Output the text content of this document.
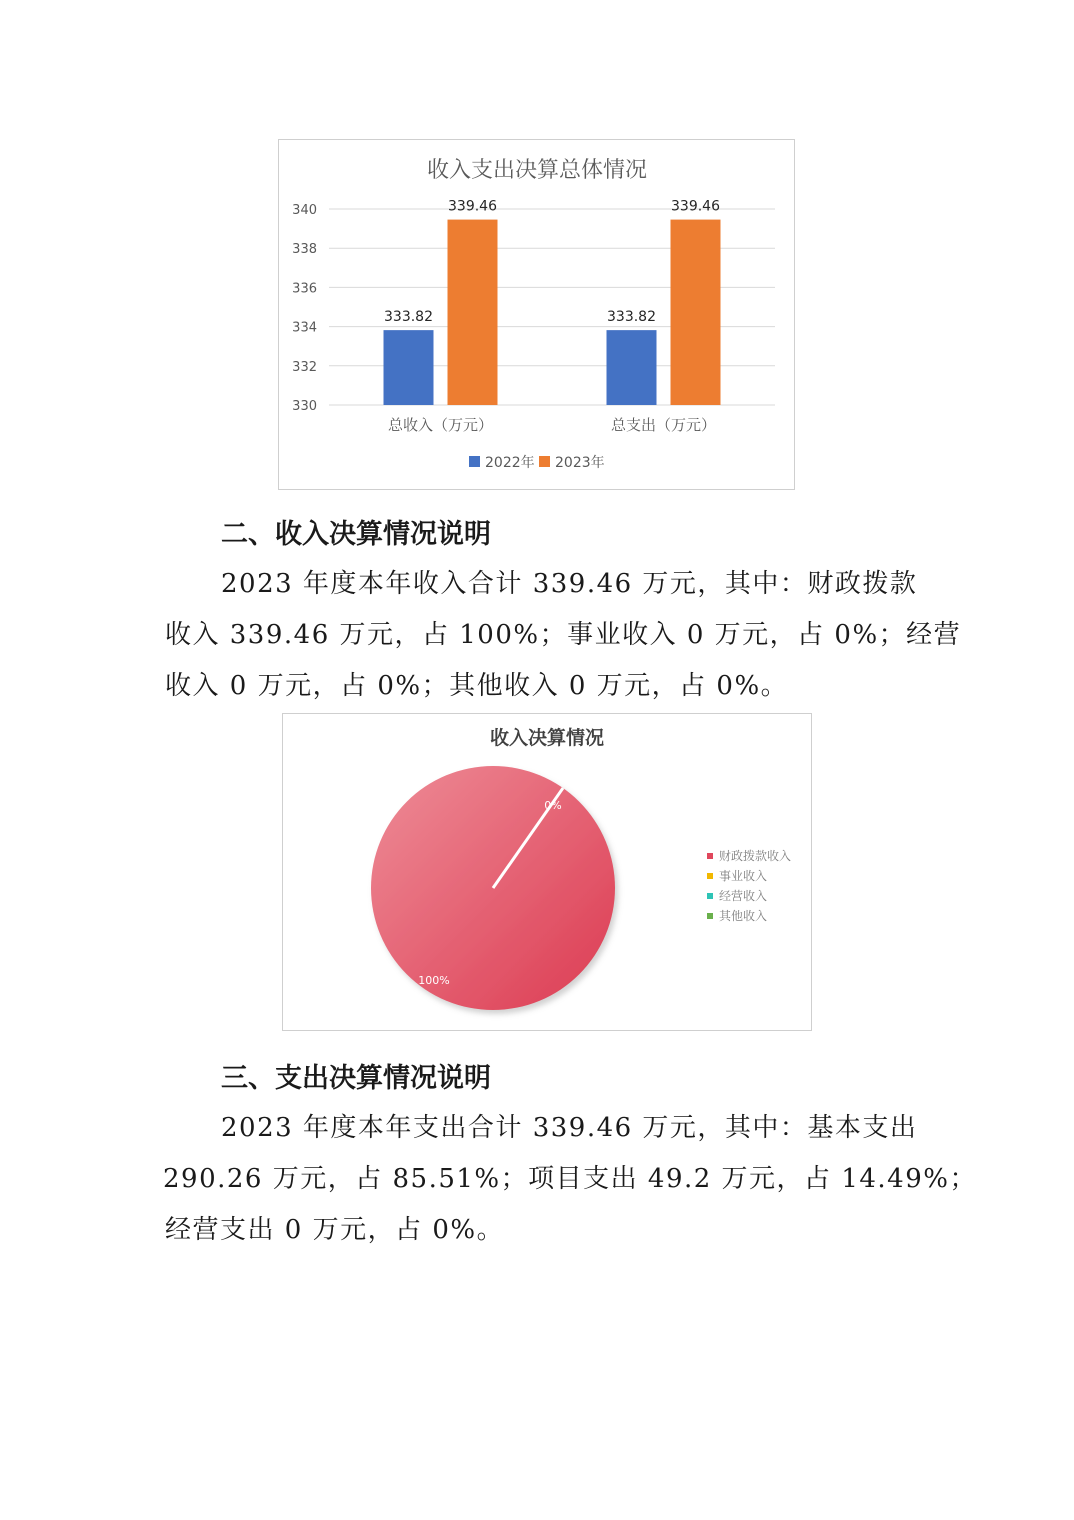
收入支出决算总体情况
340
338
336
334
332
330
333.82
339.46
333.82
339.46
总收入（万元）	总支出（万元）
2022年 2023年
二、收入决算情况说明
2023 年度本年收入合计 339.46 万元，其中：财政拨款
收入 339.46 万元，占 100%；事业收入 0 万元，占 0%；经营
收入 0 万元，占 0%；其他收入 0 万元，占 0%。
收入决算情况
100%
0%
财政拨款收入
事业收入
经营收入
其他收入
三、支出决算情况说明
2023 年度本年支出合计 339.46 万元，其中：基本支出
290.26 万元，占 85.51%；项目支出 49.2 万元，占 14.49%；
经营支出 0 万元，占 0%。
